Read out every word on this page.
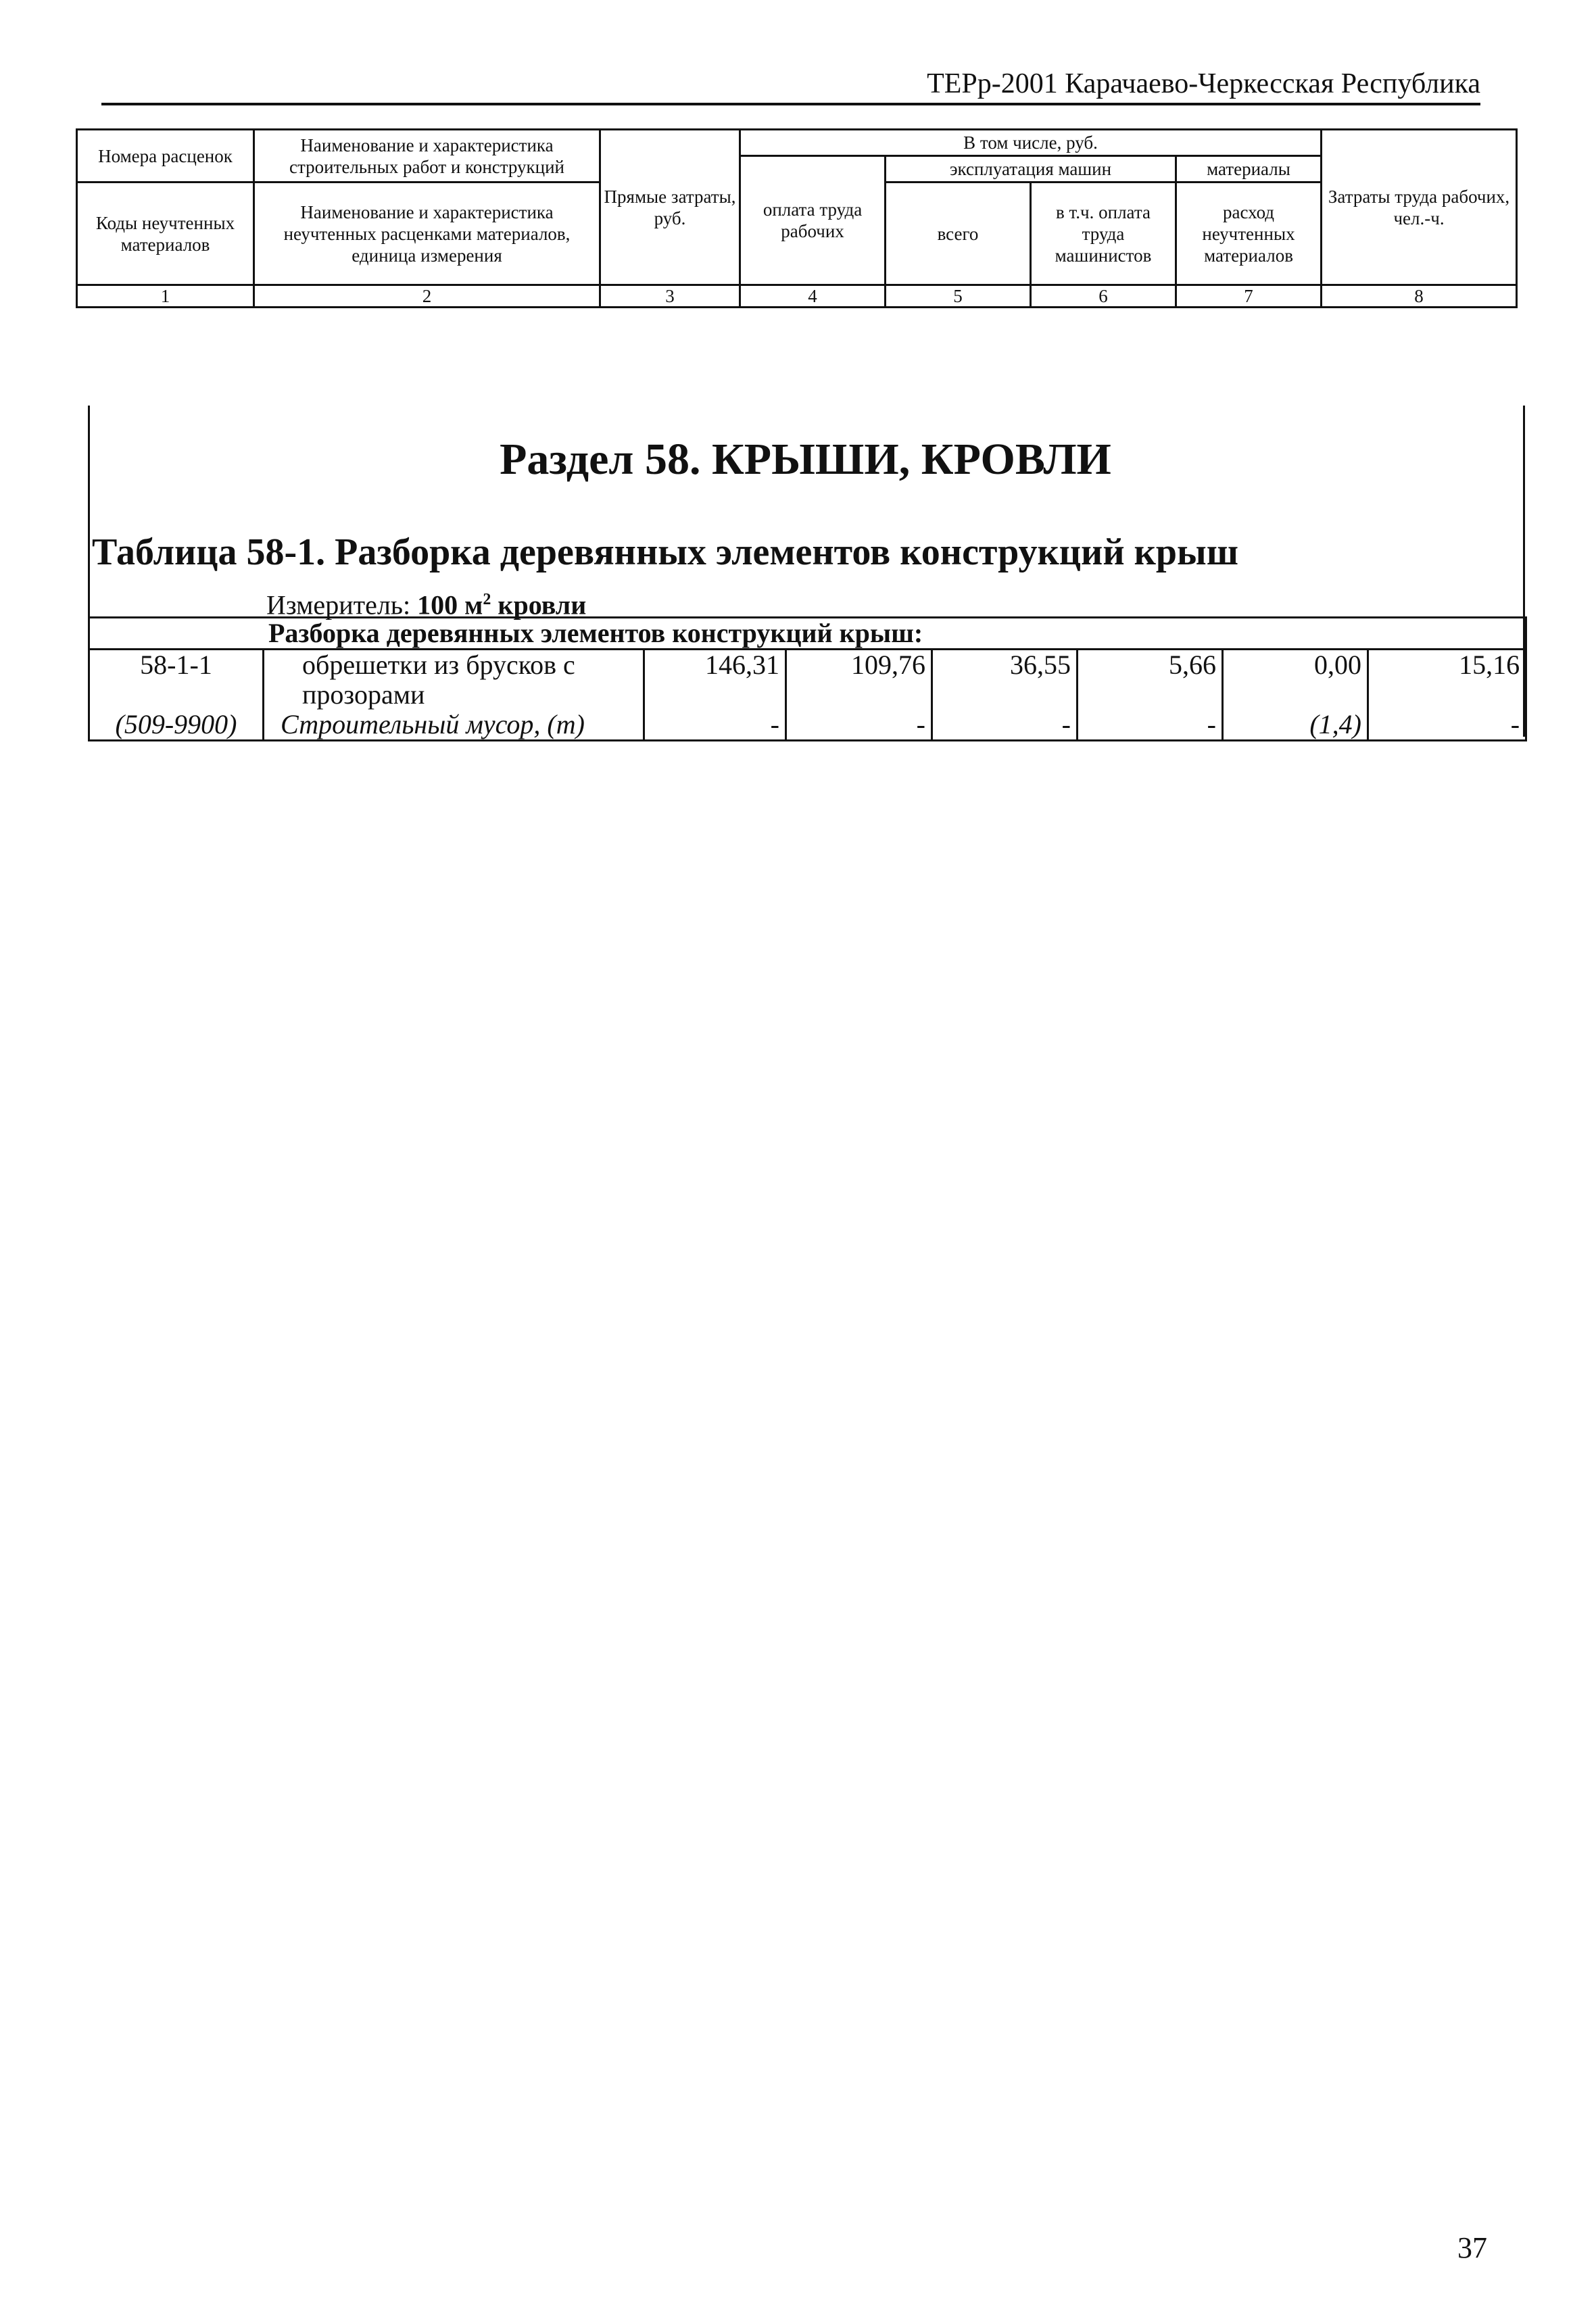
ТЕРр-2001 Карачаево-Черкесская Республика
Номера расценок	Наименование и характеристика строительных работ и конструкций	Прямые затраты, руб.	В том числе, руб.				Затраты труда рабочих, чел.-ч.
			оплата труда рабочих	эксплуатация машин		материалы	
Коды неучтенных материалов	Наименование и характеристика неучтенных расценками материалов, единица измерения			всего	в т.ч. оплата труда машинистов	расход неучтенных материалов	

1	2	3	4	5	6	7	8
Раздел 58. КРЫШИ, КРОВЛИ
Таблица 58-1. Разборка деревянных элементов конструкций крыш
Измеритель: 100 $м^2$ кровли
Разборка деревянных элементов конструкций крыш:							
58-1-1	обрешетки из брусков с прозорами	146,31	109,76	36,55	5,66	0,00	15,16
(509-9900)	Строительный мусор, (т)	-	-	-	-	(1,4)	-
37
